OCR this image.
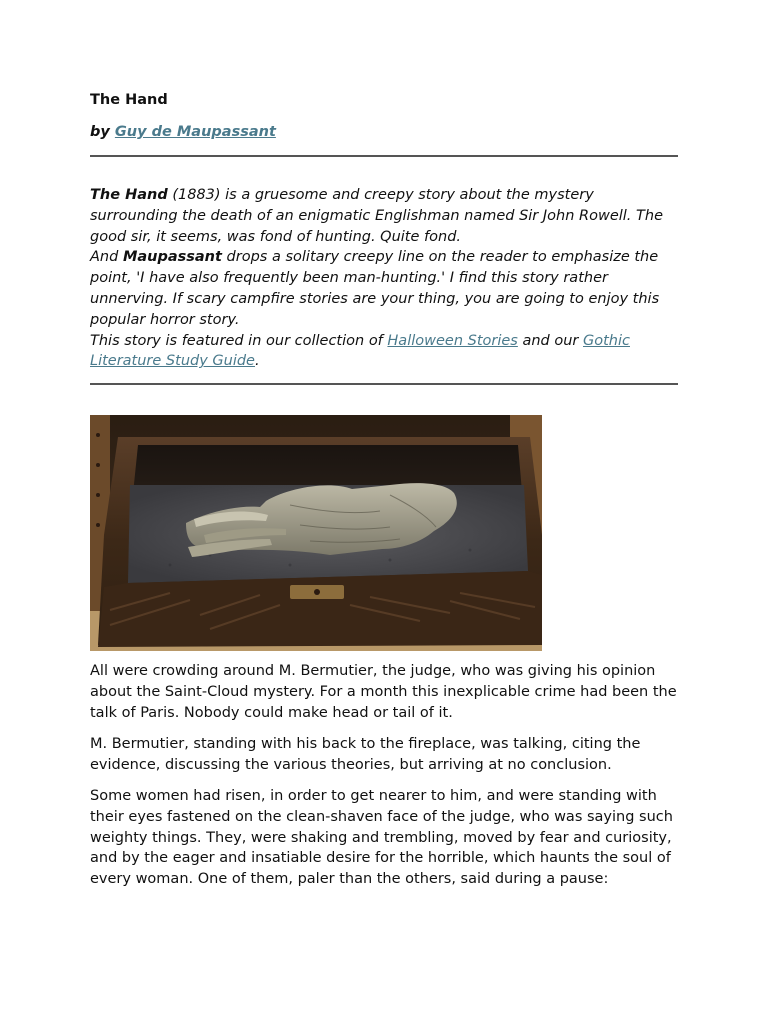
The Hand

by Guy de Maupassant

The Hand (1883) is a gruesome and creepy story about the mystery surrounding the death of an enigmatic Englishman named Sir John Rowell. The good sir, it seems, was fond of hunting. Quite fond.
And Maupassant drops a solitary creepy line on the reader to emphasize the point, 'I have also frequently been man-hunting.' I find this story rather unnerving. If scary campfire stories are your thing, you are going to enjoy this popular horror story.
This story is featured in our collection of Halloween Stories and our Gothic Literature Study Guide.

All were crowding around M. Bermutier, the judge, who was giving his opinion about the Saint-Cloud mystery. For a month this inexplicable crime had been the talk of Paris. Nobody could make head or tail of it.

M. Bermutier, standing with his back to the fireplace, was talking, citing the evidence, discussing the various theories, but arriving at no conclusion.

Some women had risen, in order to get nearer to him, and were standing with their eyes fastened on the clean-shaven face of the judge, who was saying such weighty things. They, were shaking and trembling, moved by fear and curiosity, and by the eager and insatiable desire for the horrible, which haunts the soul of every woman. One of them, paler than the others, said during a pause:
